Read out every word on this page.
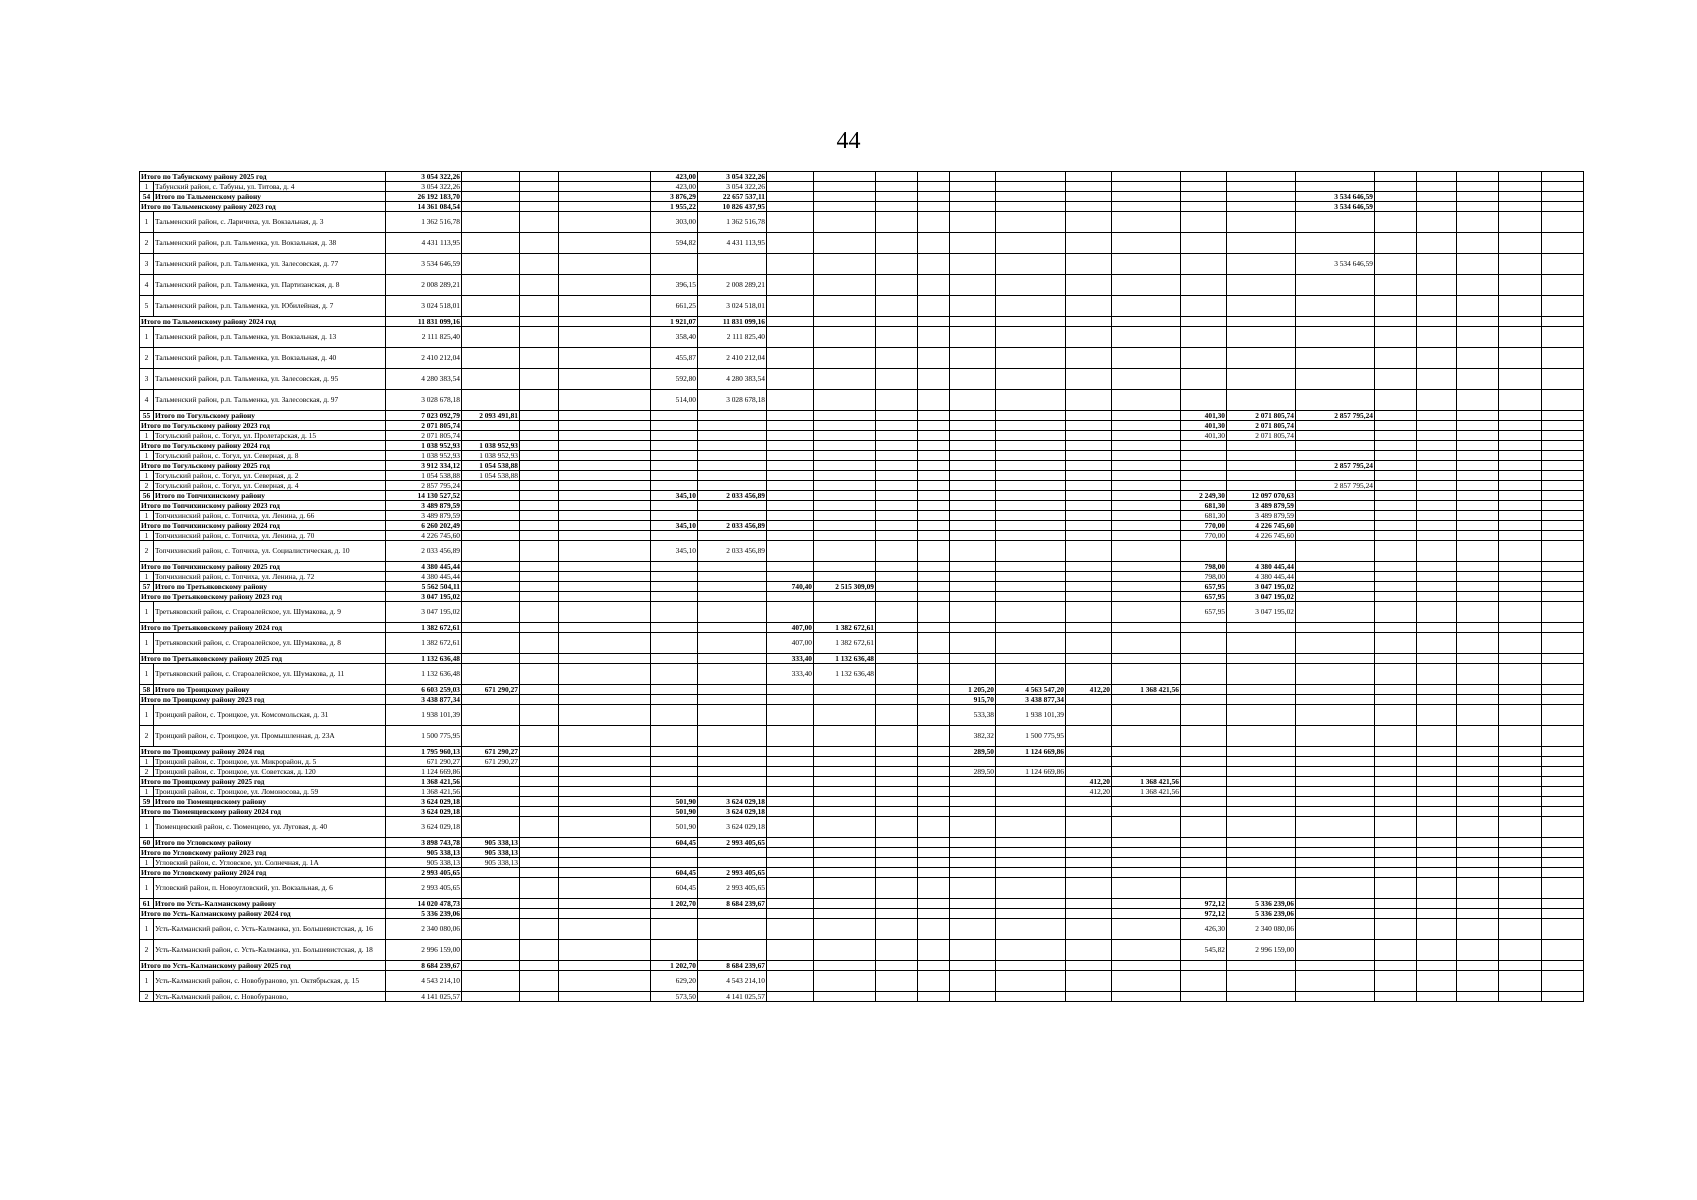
44
Итого по Табунскому району 2025 год		3 054 322,26				423,00	3 054 322,26																
1	Табунский район, с. Табуны, ул. Титова, д. 4	3 054 322,26				423,00	3 054 322,26																
54	Итого по Тальменскому району	26 192 183,70				3 876,29	22 657 537,11											3 534 646,59					
Итого по Тальменскому району 2023 год		14 361 084,54				1 955,22	10 826 437,95											3 534 646,59					
1	Тальменский район, с. Ларичиха, ул. Вокзальная, д. 3	1 362 516,78				303,00	1 362 516,78																
2	Тальменский район, р.п. Тальменка, ул. Вокзальная, д. 38	4 431 113,95				594,82	4 431 113,95																
3	Тальменский район, р.п. Тальменка, ул. Залесовская, д. 77	3 534 646,59																3 534 646,59					
4	Тальменский район, р.п. Тальменка, ул. Партизанская, д. 8	2 008 289,21				396,15	2 008 289,21																
5	Тальменский район, р.п. Тальменка, ул. Юбилейная, д. 7	3 024 518,01				661,25	3 024 518,01																
Итого по Тальменскому району 2024 год		11 831 099,16				1 921,07	11 831 099,16																
1	Тальменский район, р.п. Тальменка, ул. Вокзальная, д. 13	2 111 825,40				358,40	2 111 825,40																
2	Тальменский район, р.п. Тальменка, ул. Вокзальная, д. 40	2 410 212,04				455,87	2 410 212,04																
3	Тальменский район, р.п. Тальменка, ул. Залесовская, д. 95	4 280 383,54				592,80	4 280 383,54																
4	Тальменский район, р.п. Тальменка, ул. Залесовская, д. 97	3 028 678,18				514,00	3 028 678,18																
55	Итого по Тогульскому району	7 023 092,79	2 093 491,81													401,30	2 071 805,74	2 857 795,24					
Итого по Тогульскому району 2023 год		2 071 805,74														401,30	2 071 805,74						
1	Тогульский район, с. Тогул, ул. Пролетарская, д. 15	2 071 805,74														401,30	2 071 805,74						
Итого по Тогульскому району 2024 год		1 038 952,93	1 038 952,93																				
1	Тогульский район, с. Тогул, ул. Северная, д. 8	1 038 952,93	1 038 952,93																				
Итого по Тогульскому району 2025 год		3 912 334,12	1 054 538,88															2 857 795,24					
1	Тогульский район, с. Тогул, ул. Северная, д. 2	1 054 538,88	1 054 538,88																				
2	Тогульский район, с. Тогул, ул. Северная, д. 4	2 857 795,24																2 857 795,24					
56	Итого по Топчихинскому району	14 130 527,52				345,10	2 033 456,89									2 249,30	12 097 070,63						
Итого по Топчихинскому району 2023 год		3 489 879,59														681,30	3 489 879,59						
1	Топчихинский район, с. Топчиха, ул. Ленина, д. 66	3 489 879,59														681,30	3 489 879,59						
Итого по Топчихинскому району 2024 год		6 260 202,49				345,10	2 033 456,89									770,00	4 226 745,60						
1	Топчихинский район, с. Топчиха, ул. Ленина, д. 70	4 226 745,60														770,00	4 226 745,60						
2	Топчихинский район, с. Топчиха, ул. Социалистическая, д. 10	2 033 456,89				345,10	2 033 456,89																
Итого по Топчихинскому району 2025 год		4 380 445,44														798,00	4 380 445,44						
1	Топчихинский район, с. Топчиха, ул. Ленина, д. 72	4 380 445,44														798,00	4 380 445,44						
57	Итого по Третьяковскому району	5 562 504,11						740,40	2 515 309,09							657,95	3 047 195,02						
Итого по Третьяковскому району 2023 год		3 047 195,02														657,95	3 047 195,02						
1	Третьяковский район, с. Староалейское, ул. Шумакова, д. 9	3 047 195,02														657,95	3 047 195,02						
Итого по Третьяковскому району 2024 год		1 382 672,61						407,00	1 382 672,61														
1	Третьяковский район, с. Староалейское, ул. Шумакова, д. 8	1 382 672,61						407,00	1 382 672,61														
Итого по Третьяковскому району 2025 год		1 132 636,48						333,40	1 132 636,48														
1	Третьяковский район, с. Староалейское, ул. Шумакова, д. 11	1 132 636,48						333,40	1 132 636,48														
58	Итого по Троицкому району	6 603 259,03	671 290,27									1 205,20	4 563 547,20	412,20	1 368 421,56								
Итого по Троицкому району 2023 год		3 438 877,34										915,70	3 438 877,34										
1	Троицкий район, с. Троицкое, ул. Комсомольская, д. 31	1 938 101,39										533,38	1 938 101,39										
2	Троицкий район, с. Троицкое, ул. Промышленная, д. 23А	1 500 775,95										382,32	1 500 775,95										
Итого по Троицкому району 2024 год		1 795 960,13	671 290,27									289,50	1 124 669,86										
1	Троицкий район, с. Троицкое, ул. Микрорайон, д. 5	671 290,27	671 290,27																				
2	Троицкий район, с. Троицкое, ул. Советская, д. 120	1 124 669,86										289,50	1 124 669,86										
Итого по Троицкому району 2025 год		1 368 421,56												412,20	1 368 421,56								
1	Троицкий район, с. Троицкое, ул. Ломоносова, д. 59	1 368 421,56												412,20	1 368 421,56								
59	Итого по Тюменцевскому району	3 624 029,18				501,90	3 624 029,18																
Итого по Тюменцевскому району 2024 год		3 624 029,18				501,90	3 624 029,18																
1	Тюменцевский район, с. Тюменцево, ул. Луговая, д. 40	3 624 029,18				501,90	3 624 029,18																
60	Итого по Угловскому району	3 898 743,78	905 338,13			604,45	2 993 405,65																
Итого по Угловскому району 2023 год		905 338,13	905 338,13																				
1	Угловский район, с. Угловское, ул. Солнечная, д. 1А	905 338,13	905 338,13																				
Итого по Угловскому району 2024 год		2 993 405,65				604,45	2 993 405,65																
1	Угловский район, п. Новоугловский, ул. Вокзальная, д. 6	2 993 405,65				604,45	2 993 405,65																
61	Итого по Усть-Калманскому району	14 020 478,73				1 202,70	8 684 239,67									972,12	5 336 239,06						
Итого по Усть-Калманскому району 2024 год		5 336 239,06														972,12	5 336 239,06						
1	Усть-Калманский район, с. Усть-Калманка, ул. Большевистская, д. 16	2 340 080,06														426,30	2 340 080,06						
2	Усть-Калманский район, с. Усть-Калманка, ул. Большевистская, д. 18	2 996 159,00														545,82	2 996 159,00						
Итого по Усть-Калманскому району 2025 год		8 684 239,67				1 202,70	8 684 239,67																
1	Усть-Калманский район, с. Новобураново, ул. Октябрьская, д. 15	4 543 214,10				629,20	4 543 214,10																
2	Усть-Калманский район, с. Новобураново,	4 141 025,57				573,50	4 141 025,57																
